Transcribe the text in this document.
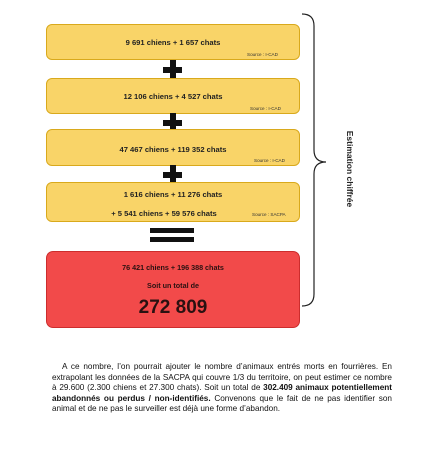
9 691 chiens + 1 657 chats
Source : I-CAD
12 106 chiens + 4 527 chats
Source : I-CAD
47 467 chiens + 119 352 chats
Source : I-CAD
1 616 chiens + 11 276 chats
+ 5 541 chiens + 59 576 chats	Source : SACPA
76 421 chiens + 196 388 chats
Soit un total de
272 809
Estimation chiffrée
A ce nombre, l’on pourrait ajouter le nombre d’animaux entrés morts en fourrières. En extrapolant les données de la SACPA qui couvre 1/3 du territoire, on peut estimer ce nombre à 29.600 (2.300 chiens et 27.300 chats). Soit un total de 302.409 animaux potentiellement abandonnés ou perdus / non-identifiés. Convenons que le fait de ne pas identifier son animal et de ne pas le surveiller est déjà une forme d’abandon.
